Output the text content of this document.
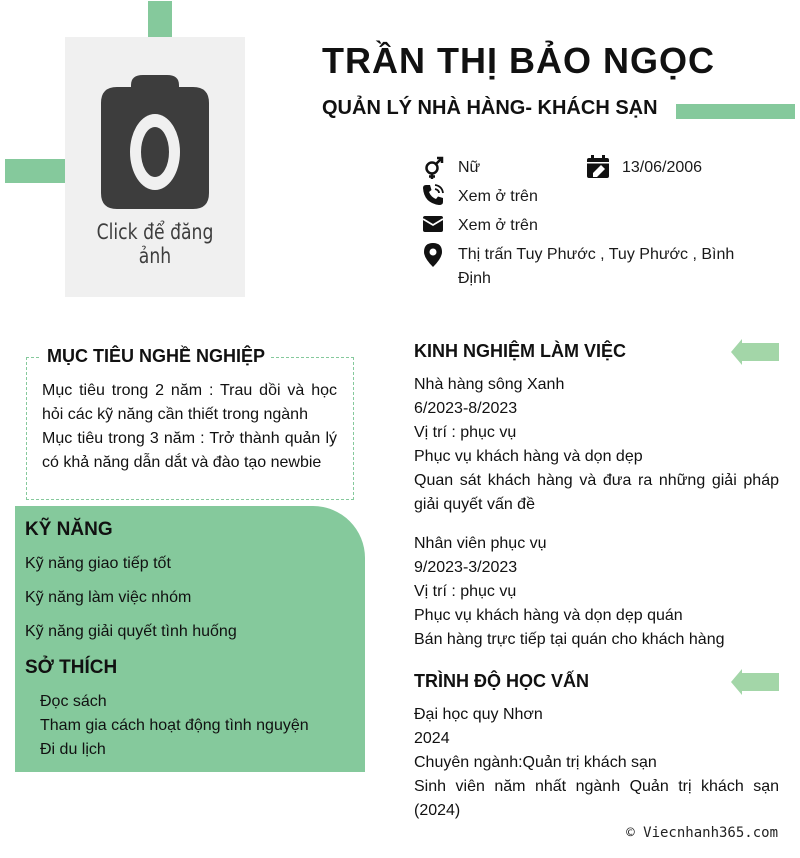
Click để đăng ảnh
TRẦN THỊ BẢO NGỌC
QUẢN LÝ NHÀ HÀNG- KHÁCH SẠN
Nữ	13/06/2006
Xem ở trên
Xem ở trên
Thị trấn Tuy Phước , Tuy Phước , Bình
Định
MỤC TIÊU NGHỀ NGHIỆP
Mục tiêu trong 2 năm : Trau dồi và học hỏi các kỹ năng cần thiết trong ngành
Mục tiêu trong 3 năm : Trở thành quản lý có khả năng dẫn dắt và đào tạo newbie
KỸ NĂNG
Kỹ năng giao tiếp tốt
Kỹ năng làm việc nhóm
Kỹ năng giải quyết tình huống
SỞ THÍCH
Đọc sách
Tham gia cách hoạt động tình nguyện
Đi du lịch
KINH NGHIỆM LÀM VIỆC
Nhà hàng sông Xanh
6/2023-8/2023
Vị trí : phục vụ
Phục vụ khách hàng và dọn dẹp
Quan sát khách hàng và đưa ra những giải pháp giải quyết vấn đề
Nhân viên phục vụ
9/2023-3/2023
Vị trí : phục vụ
Phục vụ khách hàng và dọn dẹp quán
Bán hàng trực tiếp tại quán cho khách hàng
TRÌNH ĐỘ HỌC VẤN
Đại học quy Nhơn
2024
Chuyên ngành:Quản trị khách sạn
Sinh viên năm nhất ngành Quản trị khách sạn (2024)
© Viecnhanh365.com
